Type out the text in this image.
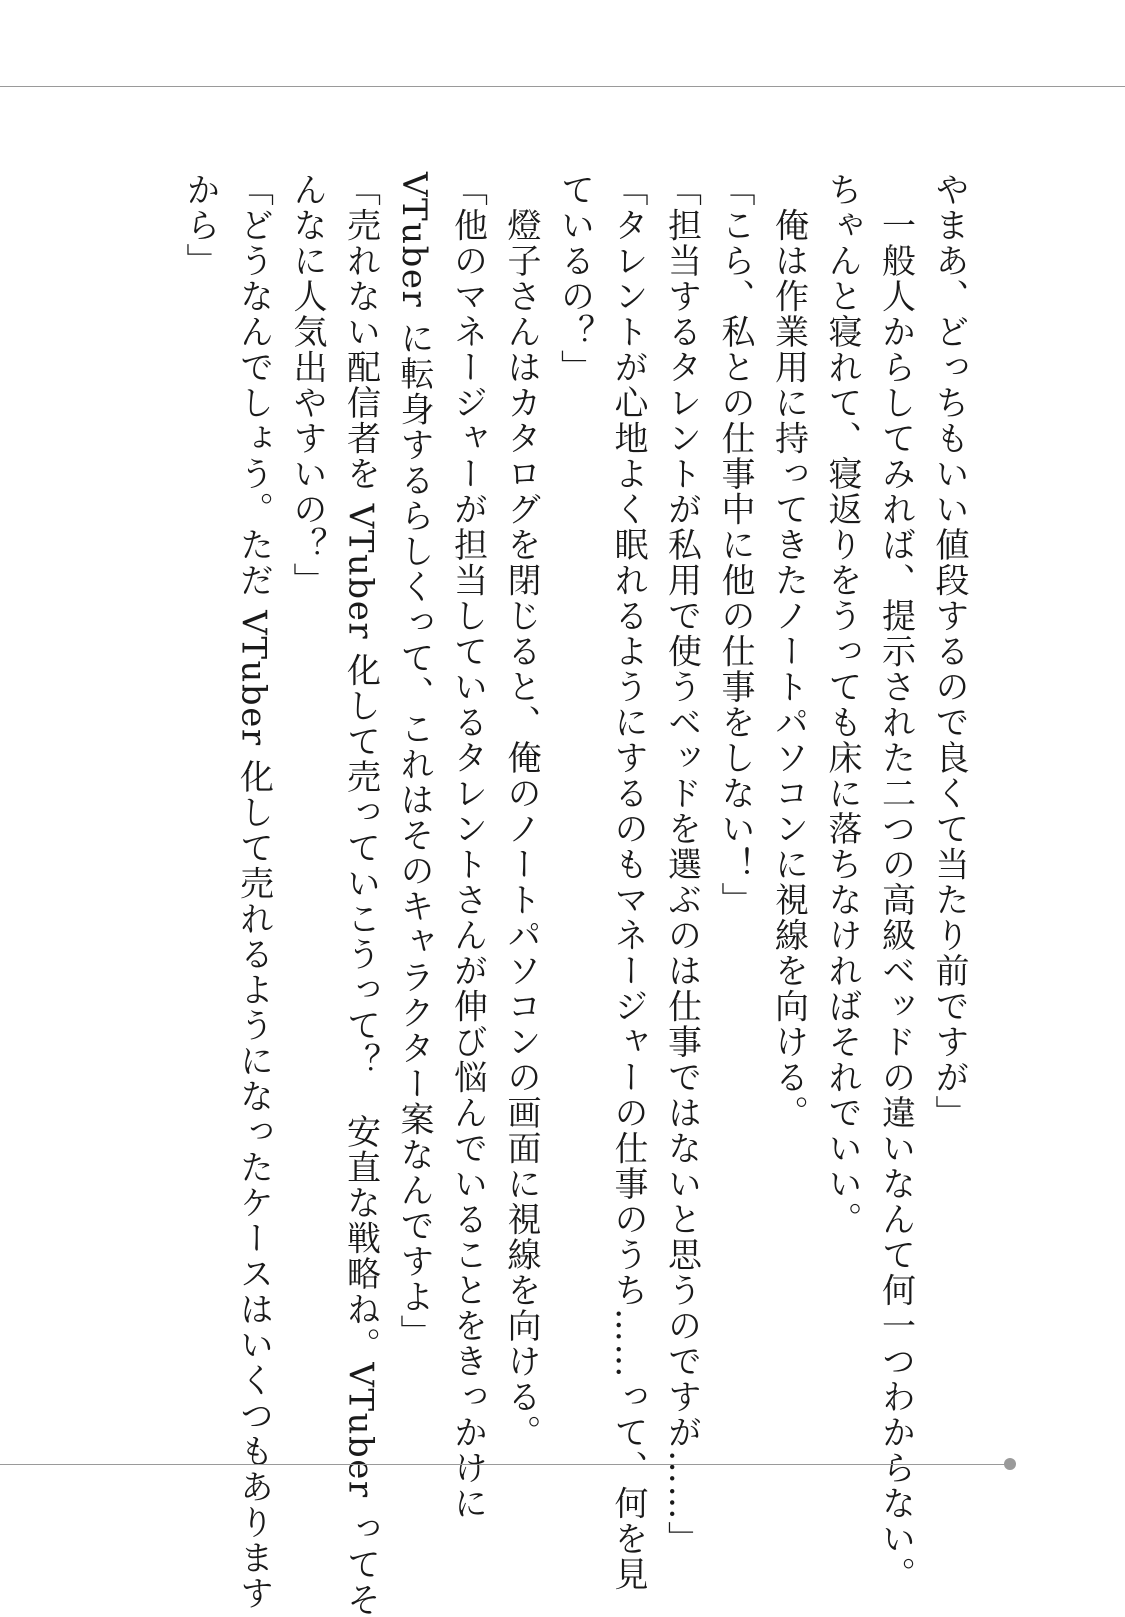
やまあ、どっちもいい値段するので良くて当たり前ですが」
　一般人からしてみれば、提示された二つの高級ベッドの違いなんて何一つわからない。
ちゃんと寝れて、寝返りをうっても床に落ちなければそれでいい。
　俺は作業用に持ってきたノートパソコンに視線を向ける。
「こら、私との仕事中に他の仕事をしない！」
「担当するタレントが私用で使うベッドを選ぶのは仕事ではないと思うのですが……」
「タレントが心地よく眠れるようにするのもマネージャーの仕事のうち……って、何を見
ているの？」
　燈子さんはカタログを閉じると、俺のノートパソコンの画面に視線を向ける。
「他のマネージャーが担当しているタレントさんが伸び悩んでいることをきっかけに
VTuber に転身するらしくって、これはそのキャラクター案なんですよ」
「売れない配信者を VTuber 化して売っていこうって？　安直な戦略ね。VTuber ってそ
んなに人気出やすいの？」
「どうなんでしょう。ただ VTuber 化して売れるようになったケースはいくつもあります
から」
